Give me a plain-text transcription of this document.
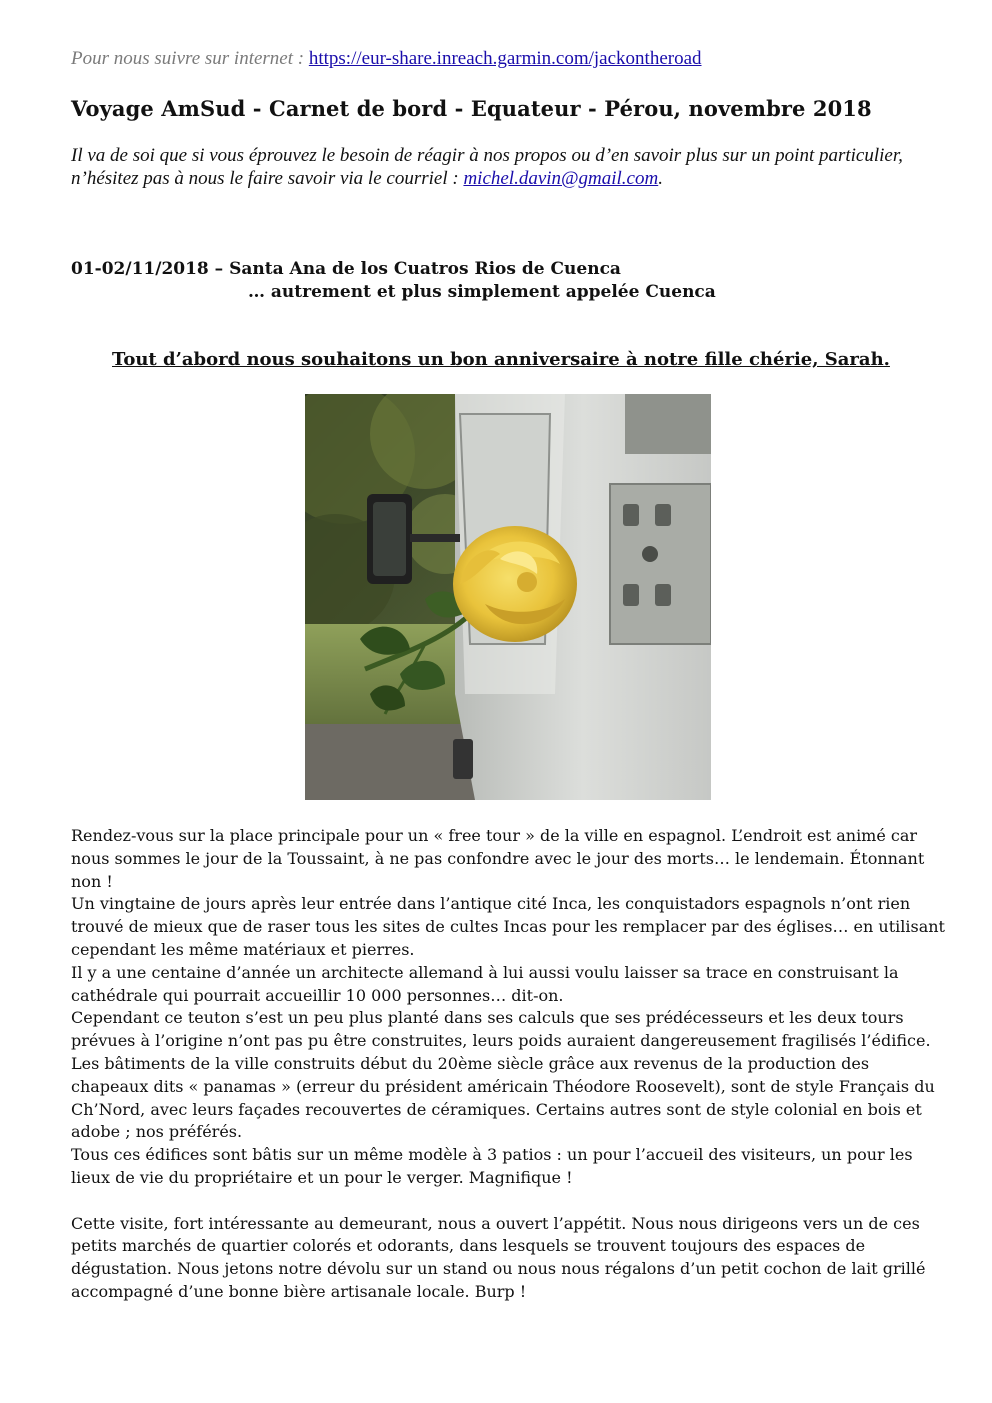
Pour nous suivre sur internet : https://eur-share.inreach.garmin.com/jackontheroad
Voyage AmSud - Carnet de bord - Equateur - Pérou, novembre 2018
Il va de soi que si vous éprouvez le besoin de réagir à nos propos ou d’en savoir plus sur un point particulier, n’hésitez pas à nous le faire savoir via le courriel : michel.davin@gmail.com.
01-02/11/2018 – Santa Ana de los Cuatros Rios de Cuenca
… autrement et plus simplement appelée Cuenca
Tout d’abord nous souhaitons un bon anniversaire à notre fille chérie, Sarah.

Rendez-vous sur la place principale pour un « free tour » de la ville en espagnol. L’endroit est animé car nous sommes le jour de la Toussaint, à ne pas confondre avec le jour des morts… le lendemain. Étonnant non !

Un vingtaine de jours après leur entrée dans l’antique cité Inca, les conquistadors espagnols n’ont rien trouvé de mieux que de raser tous les sites de cultes Incas pour les remplacer par des églises… en utilisant cependant les même matériaux et pierres.

Il y a une centaine d’année un architecte allemand à lui aussi voulu laisser sa trace en construisant la cathédrale qui pourrait accueillir 10 000 personnes… dit-on.

Cependant ce teuton s’est un peu plus planté dans ses calculs que ses prédécesseurs et les deux tours prévues à l’origine n’ont pas pu être construites, leurs poids auraient dangereusement fragilisés l’édifice.

Les bâtiments de la ville construits début du 20ème siècle grâce aux revenus de la production des chapeaux dits « panamas » (erreur du président américain Théodore Roosevelt), sont de style Français du Ch’Nord, avec leurs façades recouvertes de céramiques. Certains autres sont de style colonial en bois et adobe ; nos préférés.

Tous ces édifices sont bâtis sur un même modèle à 3 patios : un pour l’accueil des visiteurs, un pour les lieux de vie du propriétaire et un pour le verger. Magnifique !

Cette visite, fort intéressante au demeurant, nous a ouvert l’appétit. Nous nous dirigeons vers un de ces petits marchés de quartier colorés et odorants, dans lesquels se trouvent toujours des espaces de dégustation. Nous jetons notre dévolu sur un stand ou nous nous régalons d’un petit cochon de lait grillé accompagné d’une bonne bière artisanale locale. Burp !
